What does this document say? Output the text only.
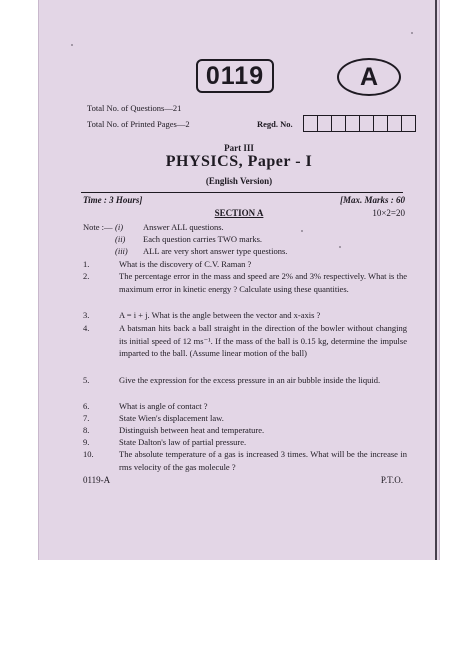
0119	A
Total No. of Questions—21
Total No. of Printed Pages—2	Regd. No.
Part III
PHYSICS, Paper - I
(English Version)
Time : 3 Hours]	[Max. Marks : 60
SECTION A	10×2=20
Note :— (i) Answer ALL questions.
(ii) Each question carries TWO marks.
(iii) ALL are very short answer type questions.
1.	What is the discovery of C.V. Raman ?
2.	The percentage error in the mass and speed are 2% and 3% respectively. What is the maximum error in kinetic energy ? Calculate using these quantities.
3.	A = i + j. What is the angle between the vector and x-axis ?
4.	A batsman hits back a ball straight in the direction of the bowler without changing its initial speed of 12 ms⁻¹. If the mass of the ball is 0.15 kg, determine the impulse imparted to the ball. (Assume linear motion of the ball)
5.	Give the expression for the excess pressure in an air bubble inside the liquid.
6.	What is angle of contact ?
7.	State Wien's displacement law.
8.	Distinguish between heat and temperature.
9.	State Dalton's law of partial pressure.
10.	The absolute temperature of a gas is increased 3 times. What will be the increase in rms velocity of the gas molecule ?
0119-A	P.T.O.
